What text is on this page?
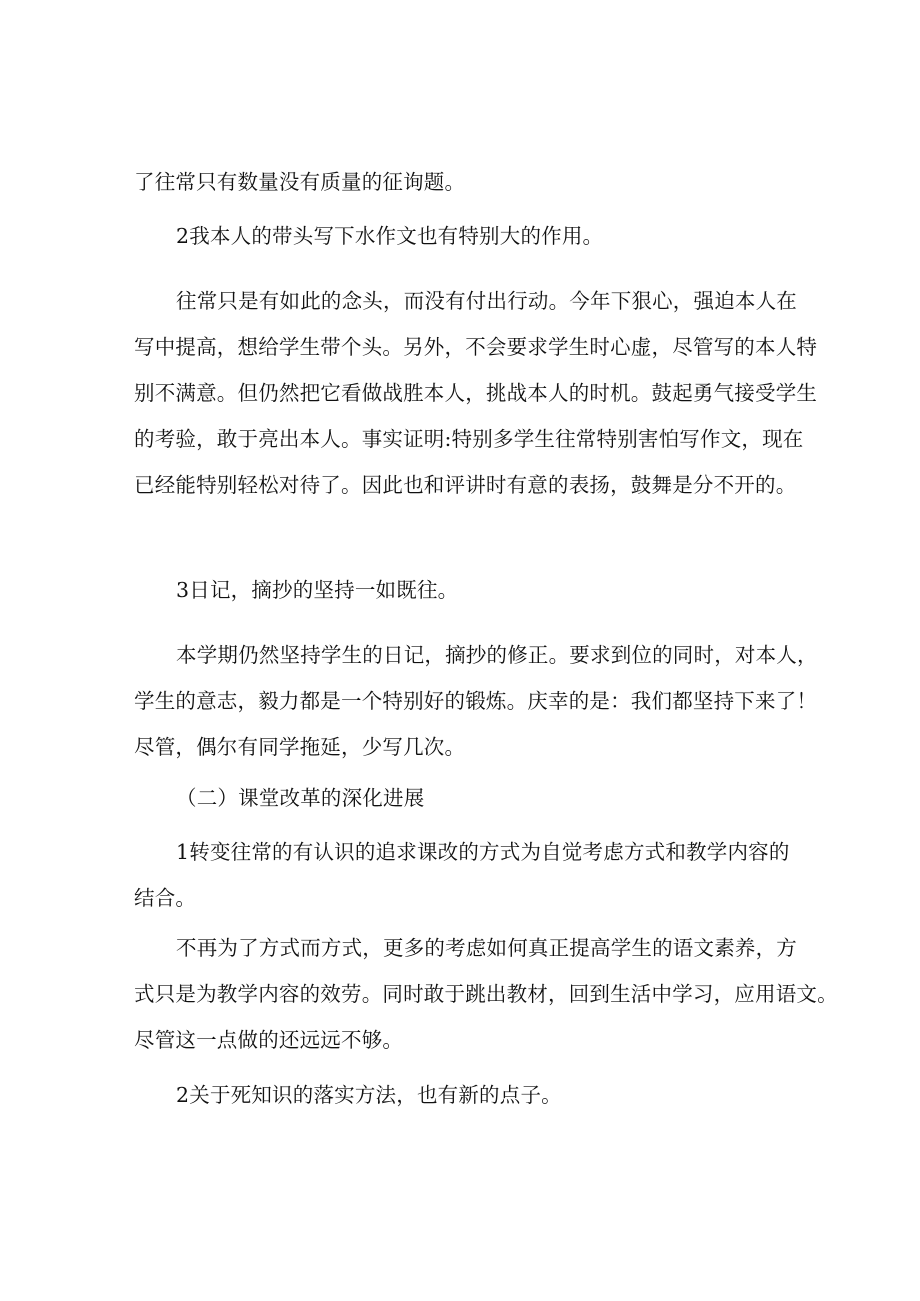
了往常只有数量没有质量的征询题。
2我本人的带头写下水作文也有特别大的作用。
往常只是有如此的念头，而没有付出行动。今年下狠心，强迫本人在
写中提高，想给学生带个头。另外，不会要求学生时心虚，尽管写的本人特
别不满意。但仍然把它看做战胜本人，挑战本人的时机。鼓起勇气接受学生
的考验，敢于亮出本人。事实证明:特别多学生往常特别害怕写作文，现在
已经能特别轻松对待了。因此也和评讲时有意的表扬，鼓舞是分不开的。
3日记，摘抄的坚持一如既往。
本学期仍然坚持学生的日记，摘抄的修正。要求到位的同时，对本人，
学生的意志，毅力都是一个特别好的锻炼。庆幸的是：我们都坚持下来了！
尽管，偶尔有同学拖延，少写几次。
（二）课堂改革的深化进展
1转变往常的有认识的追求课改的方式为自觉考虑方式和教学内容的
结合。
不再为了方式而方式，更多的考虑如何真正提高学生的语文素养，方
式只是为教学内容的效劳。同时敢于跳出教材，回到生活中学习，应用语文。
尽管这一点做的还远远不够。
2关于死知识的落实方法，也有新的点子。
